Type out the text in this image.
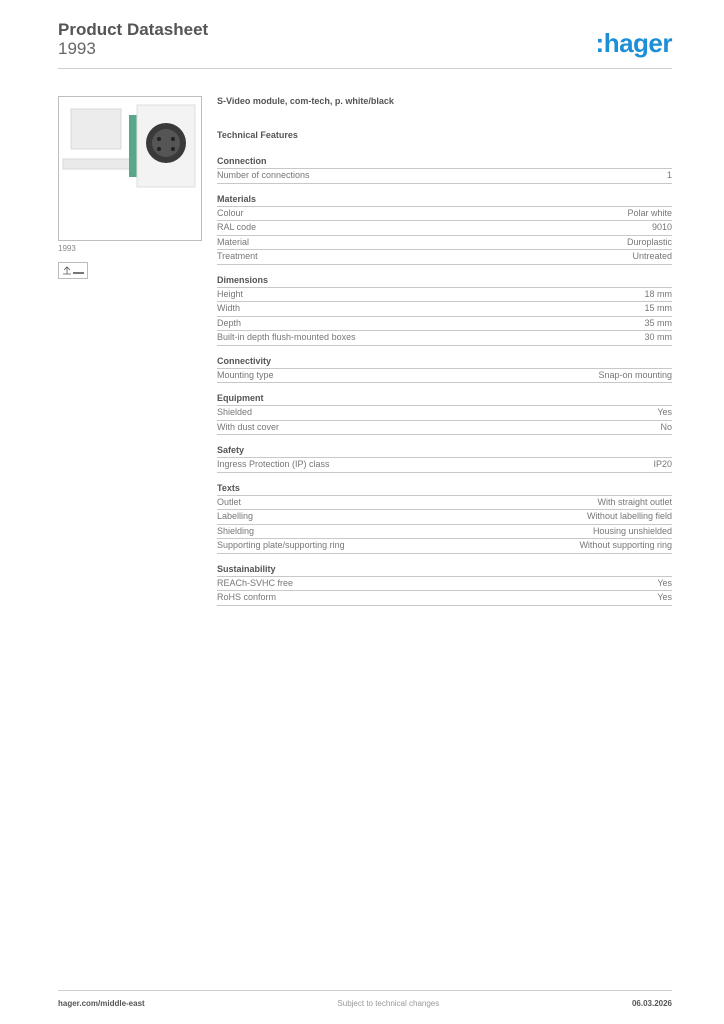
Product Datasheet
1993	:hager
1993
S-Video module, com-tech, p. white/black
Technical Features
Connection
Number of connections	1
Materials
Colour	Polar white
RAL code	9010
Material	Duroplastic
Treatment	Untreated
Dimensions
Height	18 mm
Width	15 mm
Depth	35 mm
Built-in depth flush-mounted boxes	30 mm
Connectivity
Mounting type	Snap-on mounting
Equipment
Shielded	Yes
With dust cover	No
Safety
Ingress Protection (IP) class	IP20
Texts
Outlet	With straight outlet
Labelling	Without labelling field
Shielding	Housing unshielded
Supporting plate/supporting ring	Without supporting ring
Sustainability
REACh-SVHC free	Yes
RoHS conform	Yes
hager.com/middle-east	Subject to technical changes	06.03.2026
